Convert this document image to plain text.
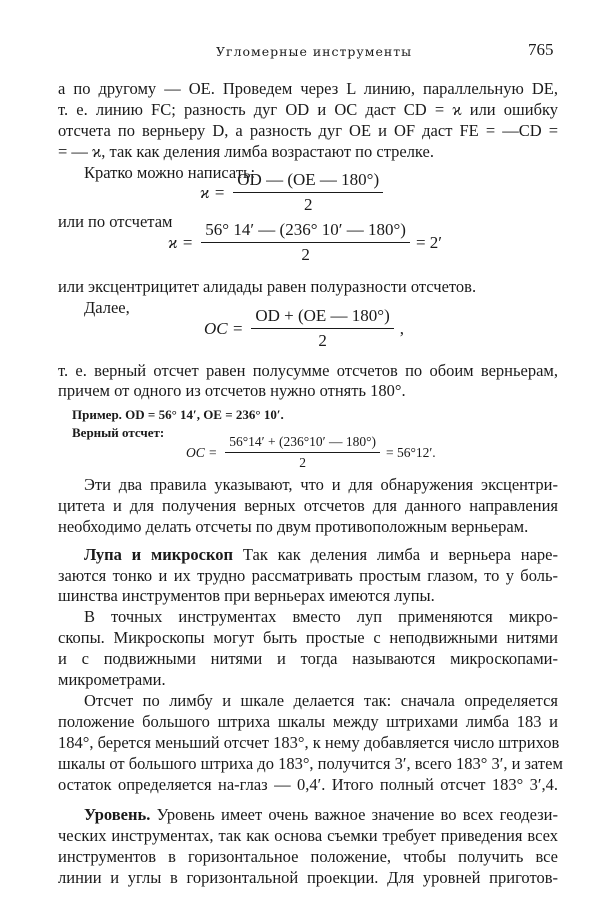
Угломерные инструменты	765
а по другому — OE. Проведем через L линию, параллельную DE,
т. е. линию FC; разность дуг OD и OC даст CD = ϰ или ошибку
отсчета по верньеру D, а разность дуг OE и OF даст FE = —CD =
= — ϰ, так как деления лимба возрастают по стрелке.
Кратко можно написать:
$ϰ = \frac{OD — (OE — 180^\circ)}{2}$
или по отсчетам
$ϰ = \frac{56^\circ 14' — (236^\circ 10' — 180^\circ)}{2} = 2'$
или эксцентрицитет алидады равен полуразности отсчетов.
Далее,
OC = $\frac{OD + (OE — 180^\circ)}{2}$ ,
т. е. верный отсчет равен полусумме отсчетов по обоим верньерам,
причем от одного из отсчетов нужно отнять 180°.
Пример. OD = 56° 14′, OE = 236° 10′.
Верный отсчет:
OC = $\frac{56^\circ 14' + (236^\circ 10' — 180^\circ)}{2} = 56^\circ 12'$.
Эти два правила указывают, что и для обнаружения эксцентри-
цитета и для получения верных отсчетов для данного направления
необходимо делать отсчеты по двум противоположным верньерам.
Лупа и микроскоп Так как деления лимба и верньера наре-
заются тонко и их трудно рассматривать простым глазом, то у боль-
шинства инструментов при верньерах имеются лупы.
В точных инструментах вместо луп применяются микро-
скопы. Микроскопы могут быть простые с неподвижными нитями
и с подвижными нитями и тогда называются микроскопами-
микрометрами.
Отсчет по лимбу и шкале делается так: сначала определяется
положение большого штриха шкалы между штрихами лимба 183 и
184°, берется меньший отсчет 183°, к нему добавляется число штрихов
шкалы от большого штриха до 183°, получится 3′, всего 183° 3′, и затем
остаток определяется на-глаз — 0,4′. Итого полный отсчет 183° 3′,4.
Уровень. Уровень имеет очень важное значение во всех геодези-
ческих инструментах, так как основа съемки требует приведения всех
инструментов в горизонтальное положение, чтобы получить все
линии и углы в горизонтальной проекции. Для уровней приготов-
